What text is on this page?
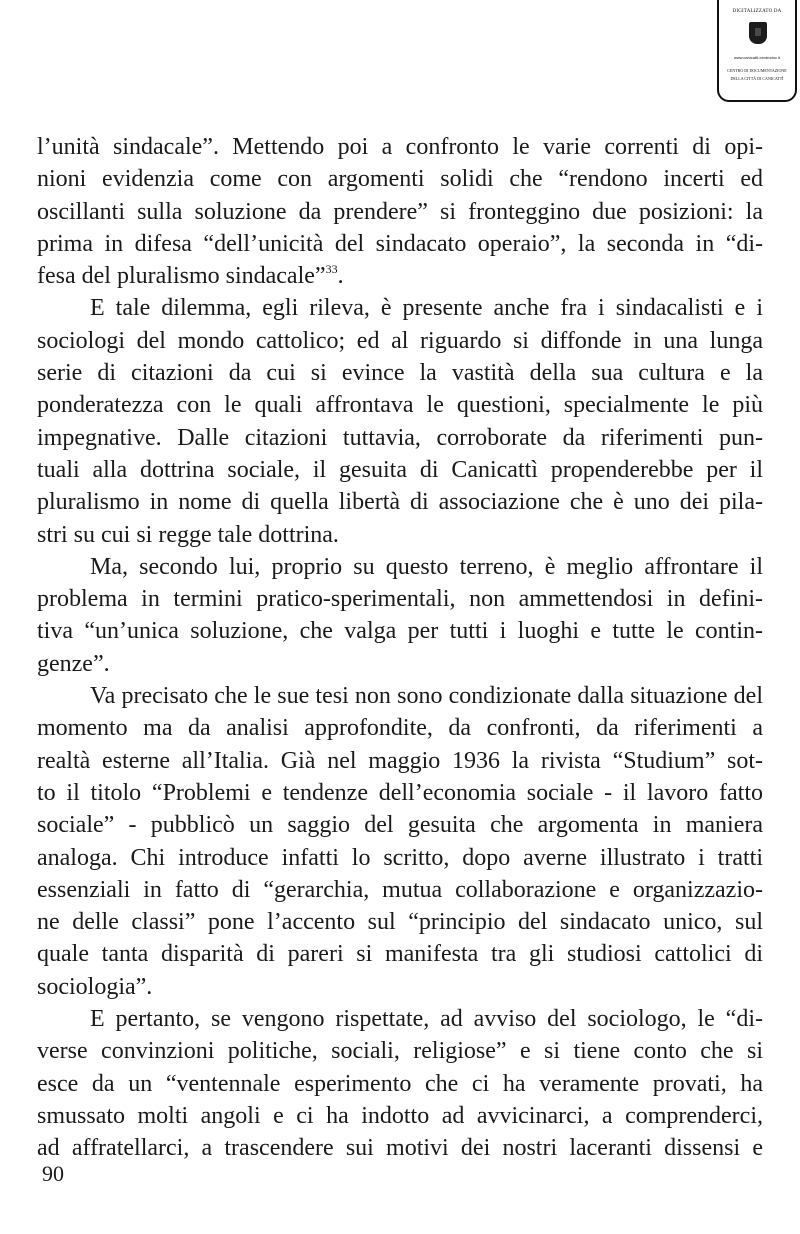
DIGITALIZZATO DA
www.canicatti-centrodoc.it
CENTRO DI DOCUMENTAZIONE
DELLA CITTÀ DI CANICATTÌ
l’unità sindacale”. Mettendo poi a confronto le varie correnti di opi-
nioni evidenzia come con argomenti solidi che “rendono incerti ed
oscillanti sulla soluzione da prendere” si fronteggino due posizioni: la
prima in difesa “dell’unicità del sindacato operaio”, la seconda in “di-
fesa del pluralismo sindacale”$^{33}$.
E tale dilemma, egli rileva, è presente anche fra i sindacalisti e i
sociologi del mondo cattolico; ed al riguardo si diffonde in una lunga
serie di citazioni da cui si evince la vastità della sua cultura e la
ponderatezza con le quali affrontava le questioni, specialmente le più
impegnative. Dalle citazioni tuttavia, corroborate da riferimenti pun-
tuali alla dottrina sociale, il gesuita di Canicattì propenderebbe per il
pluralismo in nome di quella libertà di associazione che è uno dei pila-
stri su cui si regge tale dottrina.
Ma, secondo lui, proprio su questo terreno, è meglio affrontare il
problema in termini pratico-sperimentali, non ammettendosi in defini-
tiva “un’unica soluzione, che valga per tutti i luoghi e tutte le contin-
genze”.
Va precisato che le sue tesi non sono condizionate dalla situazione del
momento ma da analisi approfondite, da confronti, da riferimenti a
realtà esterne all’Italia. Già nel maggio 1936 la rivista “Studium” sot-
to il titolo “Problemi e tendenze dell’economia sociale - il lavoro fatto
sociale” - pubblicò un saggio del gesuita che argomenta in maniera
analoga. Chi introduce infatti lo scritto, dopo averne illustrato i tratti
essenziali in fatto di “gerarchia, mutua collaborazione e organizzazio-
ne delle classi” pone l’accento sul “principio del sindacato unico, sul
quale tanta disparità di pareri si manifesta tra gli studiosi cattolici di
sociologia”.
E pertanto, se vengono rispettate, ad avviso del sociologo, le “di-
verse convinzioni politiche, sociali, religiose” e si tiene conto che si
esce da un “ventennale esperimento che ci ha veramente provati, ha
smussato molti angoli e ci ha indotto ad avvicinarci, a comprenderci,
ad affratellarci, a trascendere sui motivi dei nostri laceranti dissensi e
90
